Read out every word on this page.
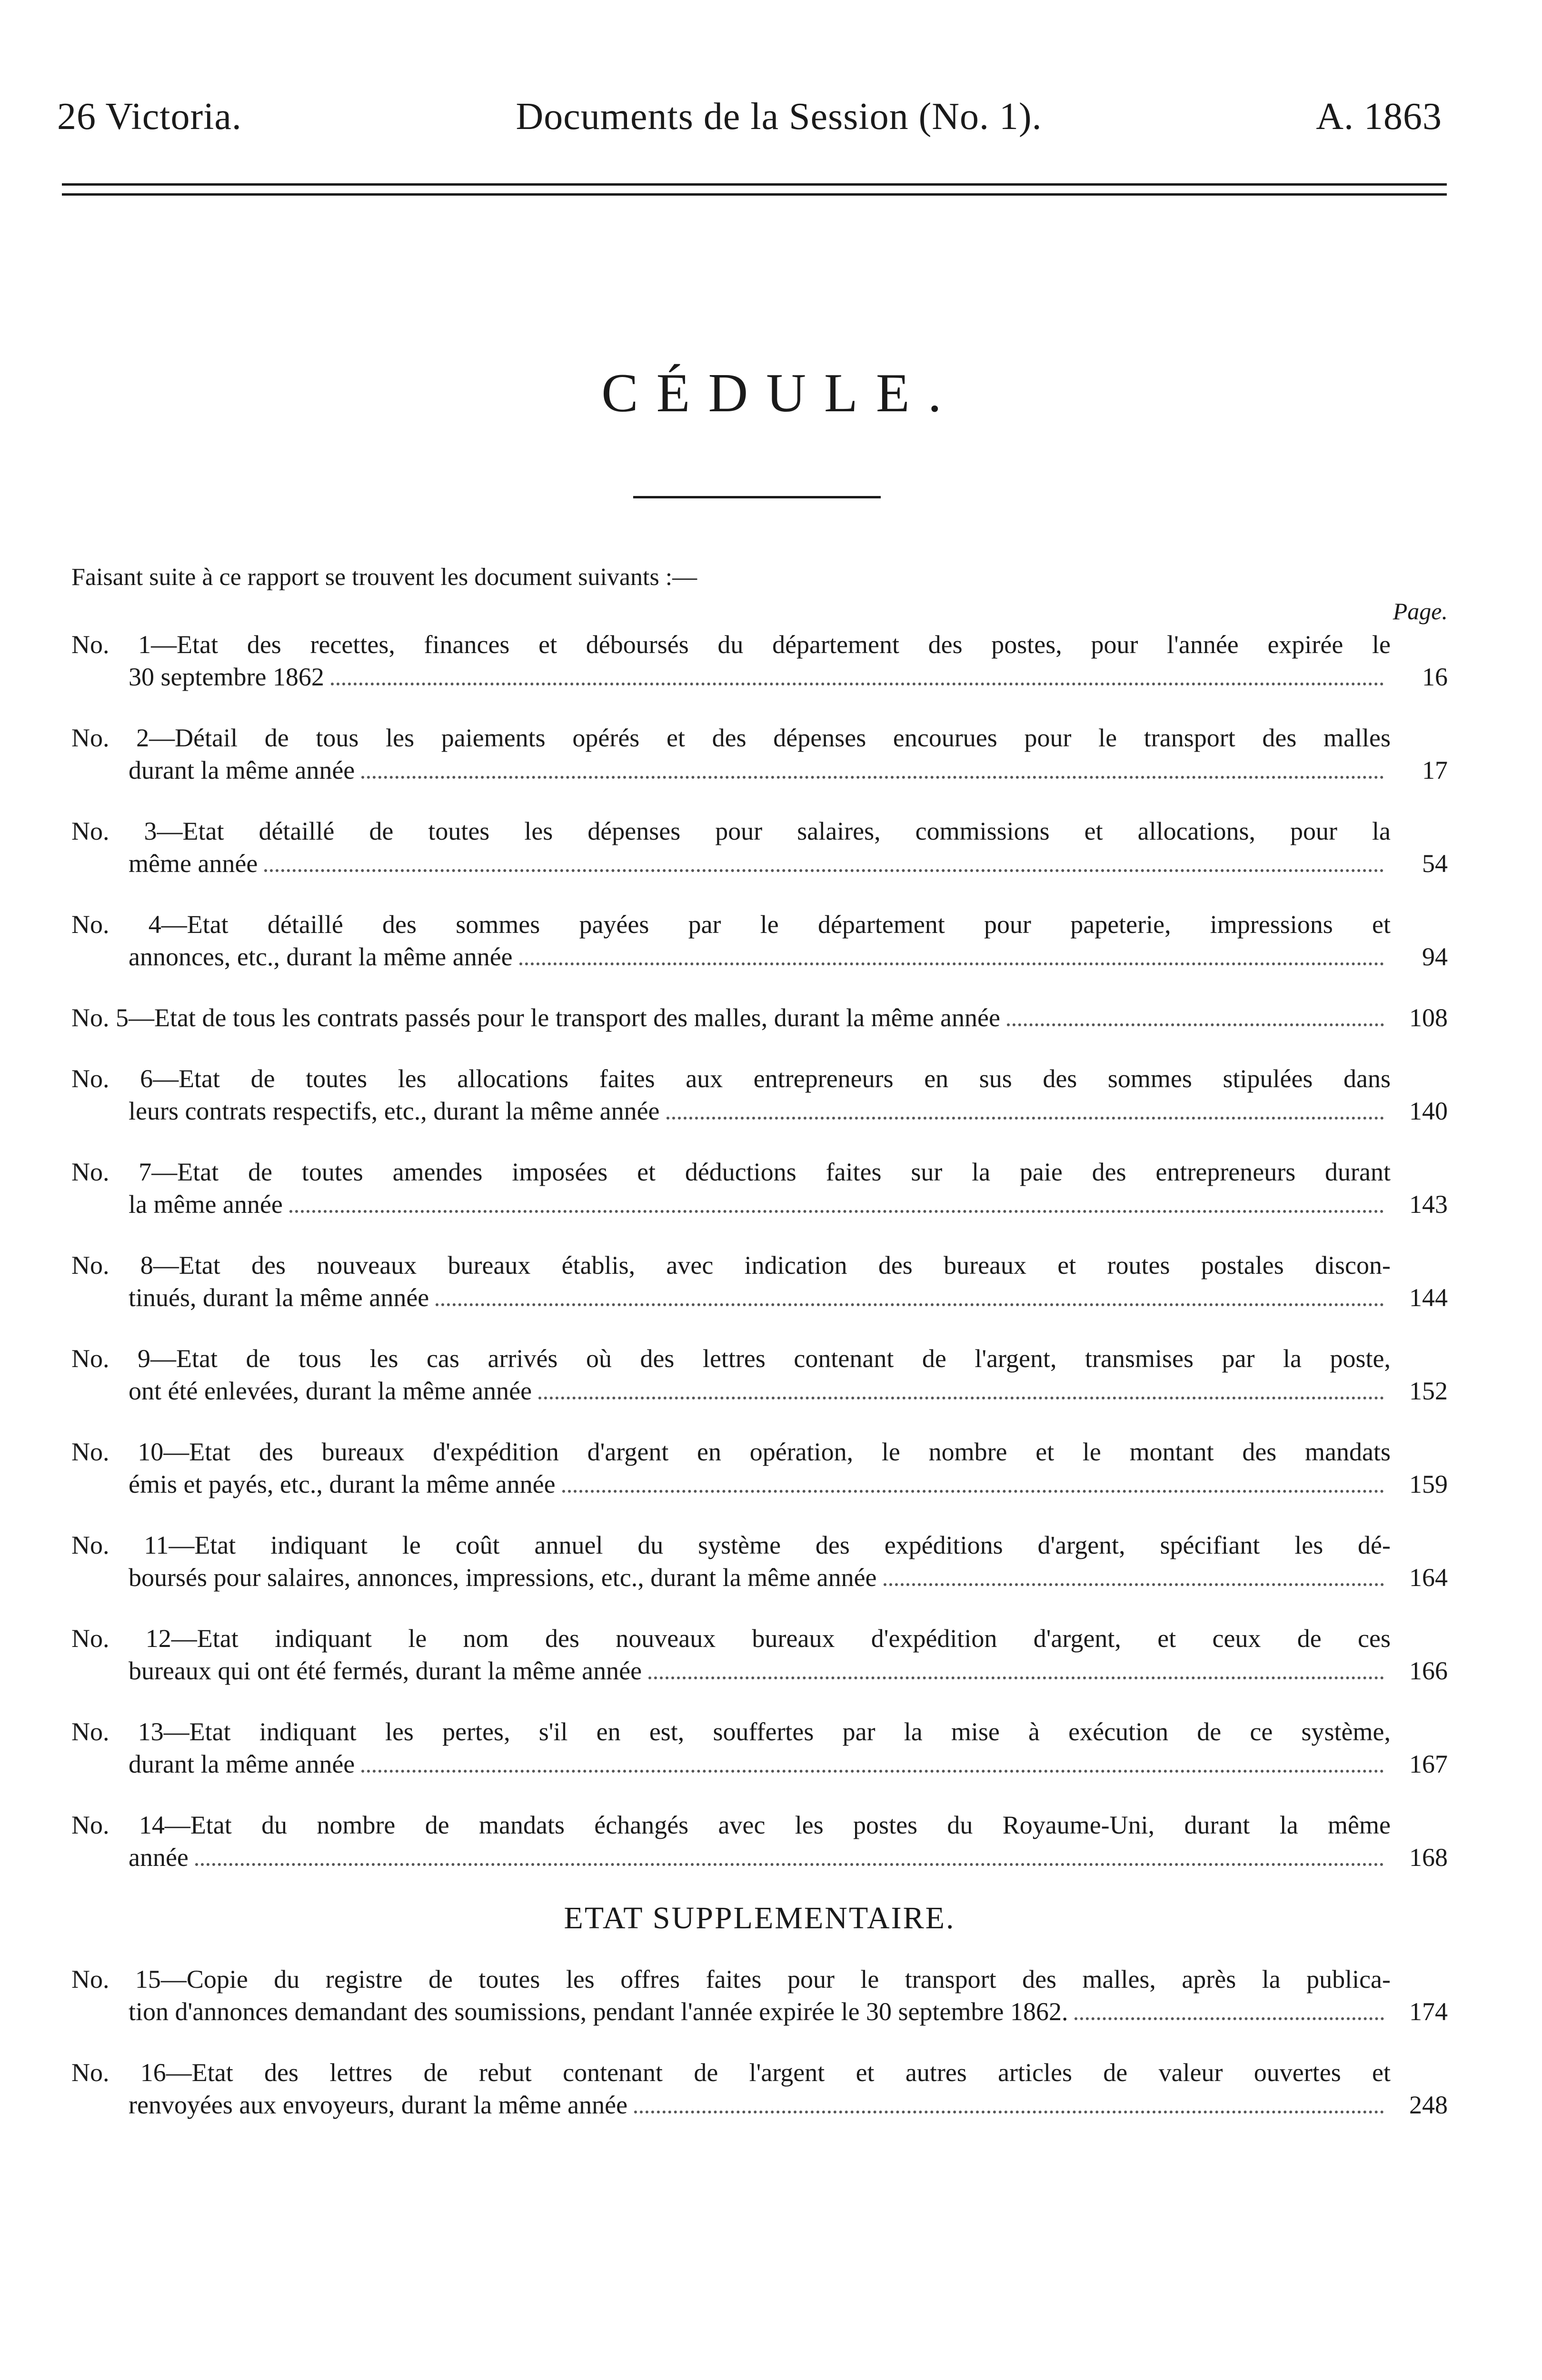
26 Victoria.	Documents de la Session (No. 1).	A. 1863
CÉDULE.
Faisant suite à ce rapport se trouvent les document suivants :—
Page.
No. 1—Etat des recettes, finances et déboursés du département des postes, pour l'année expirée le
30 septembre 1862	16
No. 2—Détail de tous les paiements opérés et des dépenses encourues pour le transport des malles
durant la même année	17
No. 3—Etat détaillé de toutes les dépenses pour salaires, commissions et allocations, pour la
même année	54
No. 4—Etat détaillé des sommes payées par le département pour papeterie, impressions et
annonces, etc., durant la même année	94
No. 5—Etat de tous les contrats passés pour le transport des malles, durant la même année	108
No. 6—Etat de toutes les allocations faites aux entrepreneurs en sus des sommes stipulées dans
leurs contrats respectifs, etc., durant la même année	140
No. 7—Etat de toutes amendes imposées et déductions faites sur la paie des entrepreneurs durant
la même année	143
No. 8—Etat des nouveaux bureaux établis, avec indication des bureaux et routes postales discon-
tinués, durant la même année	144
No. 9—Etat de tous les cas arrivés où des lettres contenant de l'argent, transmises par la poste,
ont été enlevées, durant la même année	152
No. 10—Etat des bureaux d'expédition d'argent en opération, le nombre et le montant des mandats
émis et payés, etc., durant la même année	159
No. 11—Etat indiquant le coût annuel du système des expéditions d'argent, spécifiant les dé-
boursés pour salaires, annonces, impressions, etc., durant la même année	164
No. 12—Etat indiquant le nom des nouveaux bureaux d'expédition d'argent, et ceux de ces
bureaux qui ont été fermés, durant la même année	166
No. 13—Etat indiquant les pertes, s'il en est, souffertes par la mise à exécution de ce système,
durant la même année	167
No. 14—Etat du nombre de mandats échangés avec les postes du Royaume-Uni, durant la même
année	168
ETAT SUPPLEMENTAIRE.
No. 15—Copie du registre de toutes les offres faites pour le transport des malles, après la publica-
tion d'annonces demandant des soumissions, pendant l'année expirée le 30 septembre 1862.	174
No. 16—Etat des lettres de rebut contenant de l'argent et autres articles de valeur ouvertes et
renvoyées aux envoyeurs, durant la même année	248
